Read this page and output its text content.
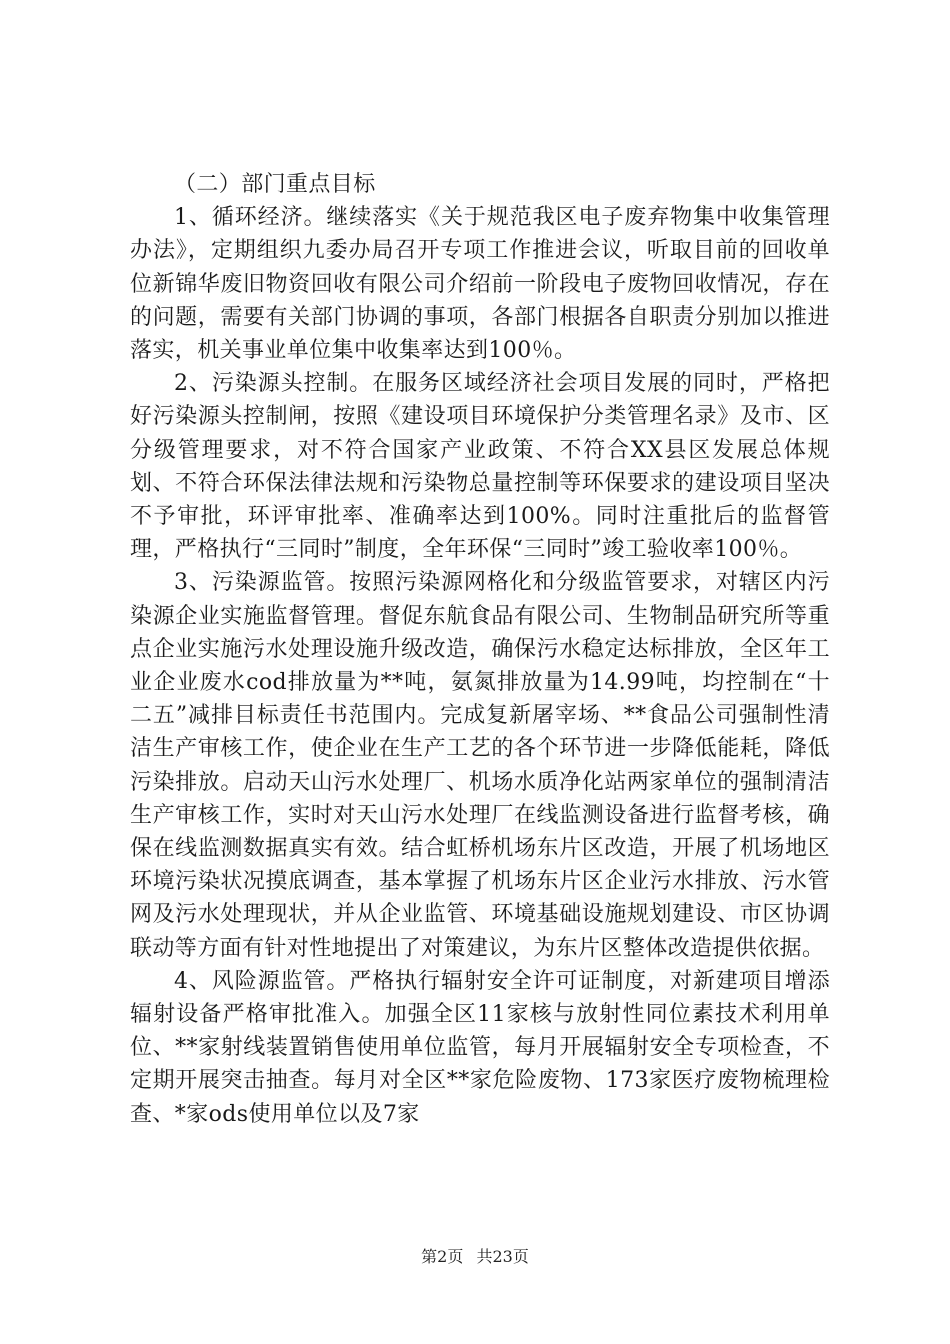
（二）部门重点目标

1、循环经济。继续落实《关于规范我区电子废弃物集中收集管理办法》，定期组织九委办局召开专项工作推进会议，听取目前的回收单位新锦华废旧物资回收有限公司介绍前一阶段电子废物回收情况，存在的问题，需要有关部门协调的事项，各部门根据各自职责分别加以推进落实，机关事业单位集中收集率达到100％。

2、污染源头控制。在服务区域经济社会项目发展的同时，严格把好污染源头控制闸，按照《建设项目环境保护分类管理名录》及市、区分级管理要求，对不符合国家产业政策、不符合XX县区发展总体规划、不符合环保法律法规和污染物总量控制等环保要求的建设项目坚决不予审批，环评审批率、准确率达到100%。同时注重批后的监督管理，严格执行“三同时”制度，全年环保“三同时”竣工验收率100％。

3、污染源监管。按照污染源网格化和分级监管要求，对辖区内污染源企业实施监督管理。督促东航食品有限公司、生物制品研究所等重点企业实施污水处理设施升级改造，确保污水稳定达标排放，全区年工业企业废水cod排放量为**吨，氨氮排放量为14.99吨，均控制在“十二五”减排目标责任书范围内。完成复新屠宰场、**食品公司强制性清洁生产审核工作，使企业在生产工艺的各个环节进一步降低能耗，降低污染排放。启动天山污水处理厂、机场水质净化站两家单位的强制清洁生产审核工作，实时对天山污水处理厂在线监测设备进行监督考核，确保在线监测数据真实有效。结合虹桥机场东片区改造，开展了机场地区环境污染状况摸底调查，基本掌握了机场东片区企业污水排放、污水管网及污水处理现状，并从企业监管、环境基础设施规划建设、市区协调联动等方面有针对性地提出了对策建议，为东片区整体改造提供依据。

4、风险源监管。严格执行辐射安全许可证制度，对新建项目增添辐射设备严格审批准入。加强全区11家核与放射性同位素技术利用单位、**家射线装置销售使用单位监管，每月开展辐射安全专项检查，不定期开展突击抽查。每月对全区**家危险废物、173家医疗废物梳理检查、*家ods使用单位以及7家

第2页 共23页
